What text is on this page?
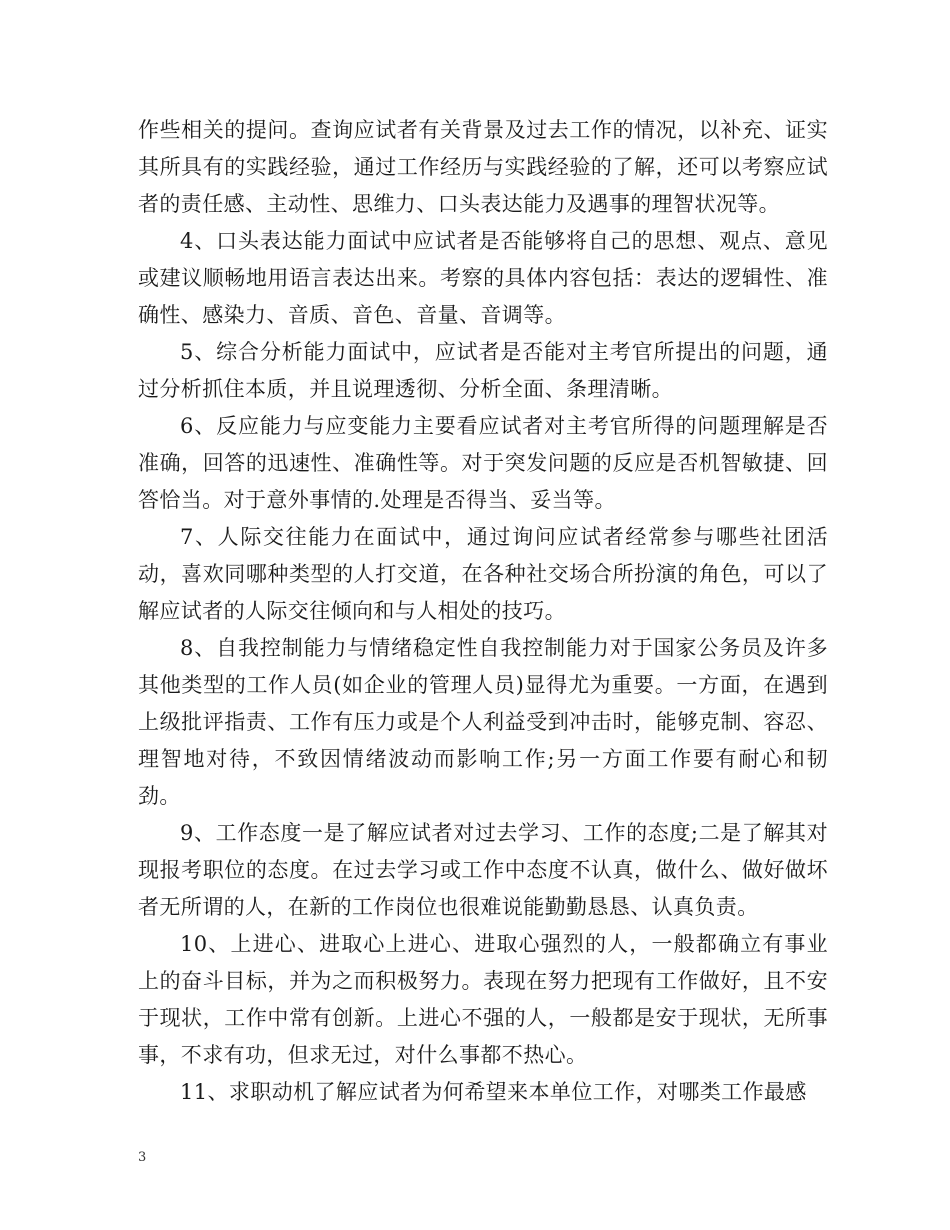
作些相关的提问。查询应试者有关背景及过去工作的情况，以补充、证实其所具有的实践经验，通过工作经历与实践经验的了解，还可以考察应试者的责任感、主动性、思维力、口头表达能力及遇事的理智状况等。

4、口头表达能力面试中应试者是否能够将自己的思想、观点、意见或建议顺畅地用语言表达出来。考察的具体内容包括：表达的逻辑性、准确性、感染力、音质、音色、音量、音调等。

5、综合分析能力面试中，应试者是否能对主考官所提出的问题，通过分析抓住本质，并且说理透彻、分析全面、条理清晰。

6、反应能力与应变能力主要看应试者对主考官所得的问题理解是否准确，回答的迅速性、准确性等。对于突发问题的反应是否机智敏捷、回答恰当。对于意外事情的.处理是否得当、妥当等。

7、人际交往能力在面试中，通过询问应试者经常参与哪些社团活动，喜欢同哪种类型的人打交道，在各种社交场合所扮演的角色，可以了解应试者的人际交往倾向和与人相处的技巧。

8、自我控制能力与情绪稳定性自我控制能力对于国家公务员及许多其他类型的工作人员(如企业的管理人员)显得尤为重要。一方面，在遇到上级批评指责、工作有压力或是个人利益受到冲击时，能够克制、容忍、理智地对待，不致因情绪波动而影响工作;另一方面工作要有耐心和韧劲。

9、工作态度一是了解应试者对过去学习、工作的态度;二是了解其对现报考职位的态度。在过去学习或工作中态度不认真，做什么、做好做坏者无所谓的人，在新的工作岗位也很难说能勤勤恳恳、认真负责。

10、上进心、进取心上进心、进取心强烈的人，一般都确立有事业上的奋斗目标，并为之而积极努力。表现在努力把现有工作做好，且不安于现状，工作中常有创新。上进心不强的人，一般都是安于现状，无所事事，不求有功，但求无过，对什么事都不热心。

11、求职动机了解应试者为何希望来本单位工作，对哪类工作最感

3
